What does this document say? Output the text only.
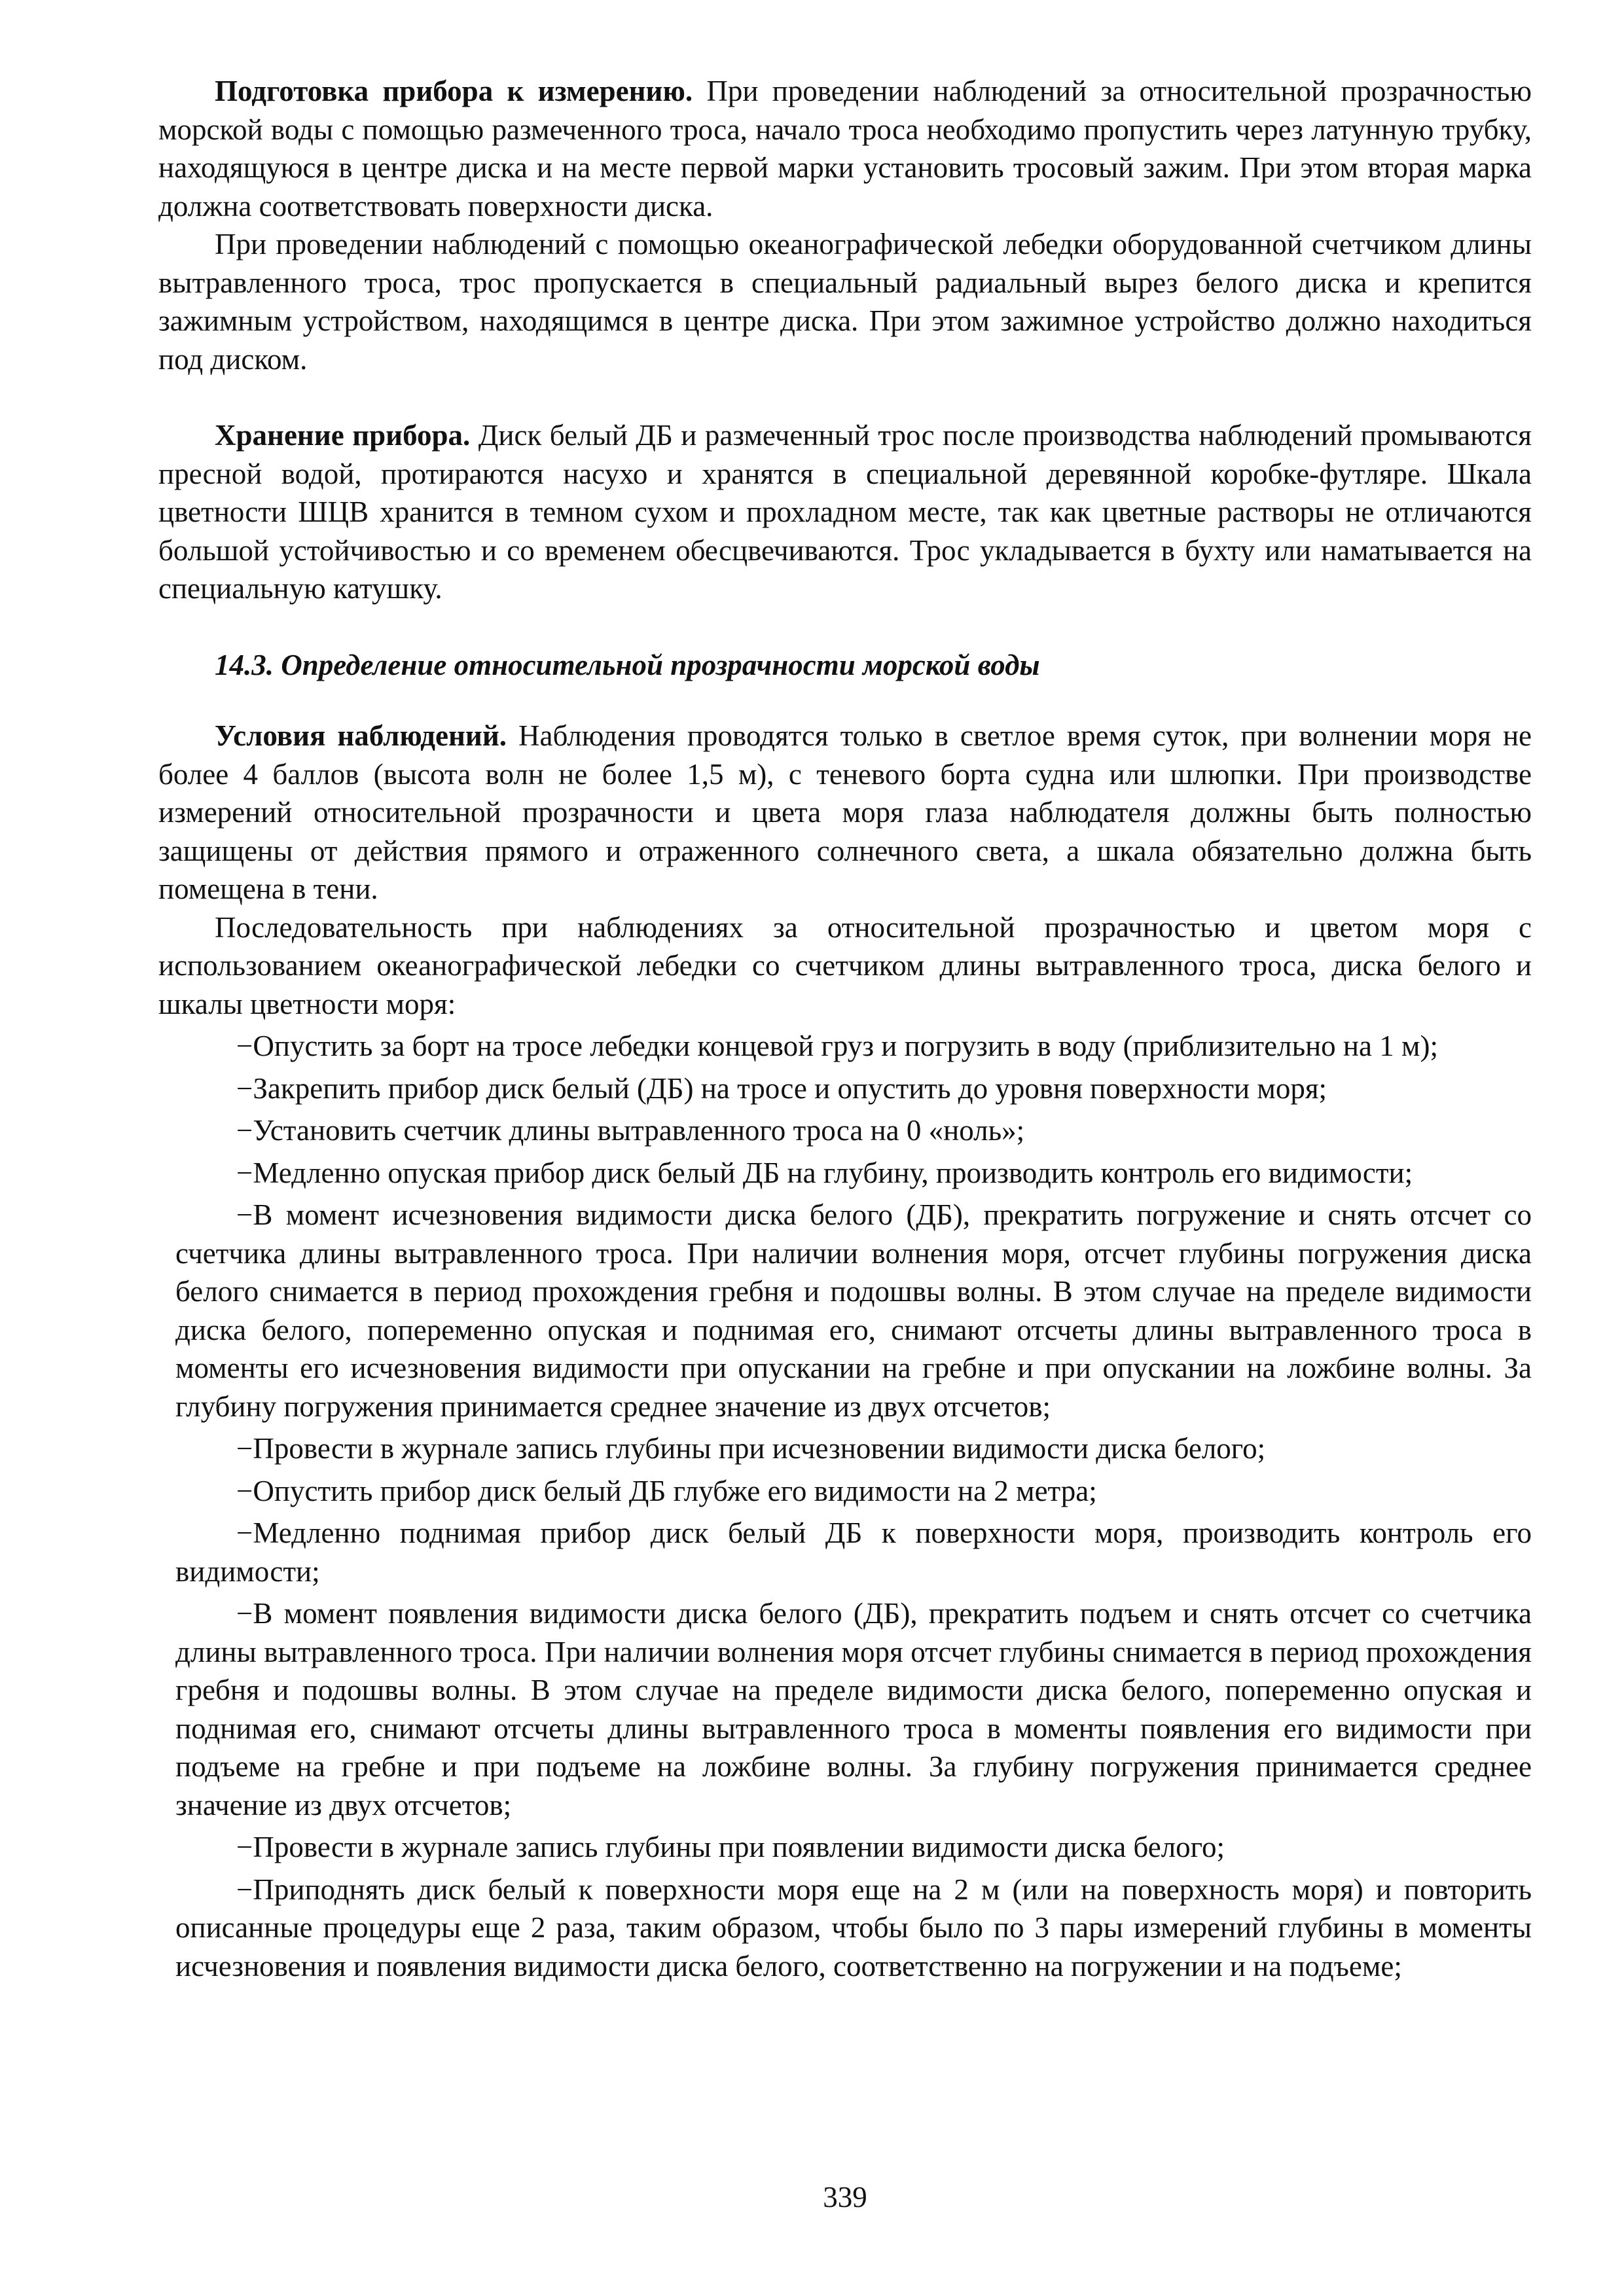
Подготовка прибора к измерению. При проведении наблюдений за относительной прозрачностью морской воды с помощью размеченного троса, начало троса необходимо пропустить через латунную трубку, находящуюся в центре диска и на месте первой марки установить тросовый зажим. При этом вторая марка должна соответствовать поверхности диска.

При проведении наблюдений с помощью океанографической лебедки оборудованной счетчиком длины вытравленного троса, трос пропускается в специальный радиальный вырез белого диска и крепится зажимным устройством, находящимся в центре диска. При этом зажимное устройство должно находиться под диском.

Хранение прибора. Диск белый ДБ и размеченный трос после производства наблюдений промываются пресной водой, протираются насухо и хранятся в специальной деревянной коробке-футляре. Шкала цветности ШЦВ хранится в темном сухом и прохладном месте, так как цветные растворы не отличаются большой устойчивостью и со временем обесцвечиваются. Трос укладывается в бухту или наматывается на специальную катушку.

14.3. Определение относительной прозрачности морской воды

Условия наблюдений. Наблюдения проводятся только в светлое время суток, при волнении моря не более 4 баллов (высота волн не более 1,5 м), с теневого борта судна или шлюпки. При производстве измерений относительной прозрачности и цвета моря глаза наблюдателя должны быть полностью защищены от действия прямого и отраженного солнечного света, а шкала обязательно должна быть помещена в тени.

Последовательность при наблюдениях за относительной прозрачностью и цветом моря с использованием океанографической лебедки со счетчиком длины вытравленного троса, диска белого и шкалы цветности моря:

−Опустить за борт на тросе лебедки концевой груз и погрузить в воду (приблизительно на 1 м);

−Закрепить прибор диск белый (ДБ) на тросе и опустить до уровня поверхности моря;

−Установить счетчик длины вытравленного троса на 0 «ноль»;

−Медленно опуская прибор диск белый ДБ на глубину, производить контроль его видимости;

−В момент исчезновения видимости диска белого (ДБ), прекратить погружение и снять отсчет со счетчика длины вытравленного троса. При наличии волнения моря, отсчет глубины погружения диска белого снимается в период прохождения гребня и подошвы волны. В этом случае на пределе видимости диска белого, попеременно опуская и поднимая его, снимают отсчеты длины вытравленного троса в моменты его исчезновения видимости при опускании на гребне и при опускании на ложбине волны. За глубину погружения принимается среднее значение из двух отсчетов;

−Провести в журнале запись глубины при исчезновении видимости диска белого;

−Опустить прибор диск белый ДБ глубже его видимости на 2 метра;

−Медленно поднимая прибор диск белый ДБ к поверхности моря, производить контроль его видимости;

−В момент появления видимости диска белого (ДБ), прекратить подъем и снять отсчет со счетчика длины вытравленного троса. При наличии волнения моря отсчет глубины снимается в период прохождения гребня и подошвы волны. В этом случае на пределе видимости диска белого, попеременно опуская и поднимая его, снимают отсчеты длины вытравленного троса в моменты появления его видимости при подъеме на гребне и при подъеме на ложбине волны. За глубину погружения принимается среднее значение из двух отсчетов;

−Провести в журнале запись глубины при появлении видимости диска белого;

−Приподнять диск белый к поверхности моря еще на 2 м (или на поверхность моря) и повторить описанные процедуры еще 2 раза, таким образом, чтобы было по 3 пары измерений глубины в моменты исчезновения и появления видимости диска белого, соответственно на погружении и на подъеме;

339
